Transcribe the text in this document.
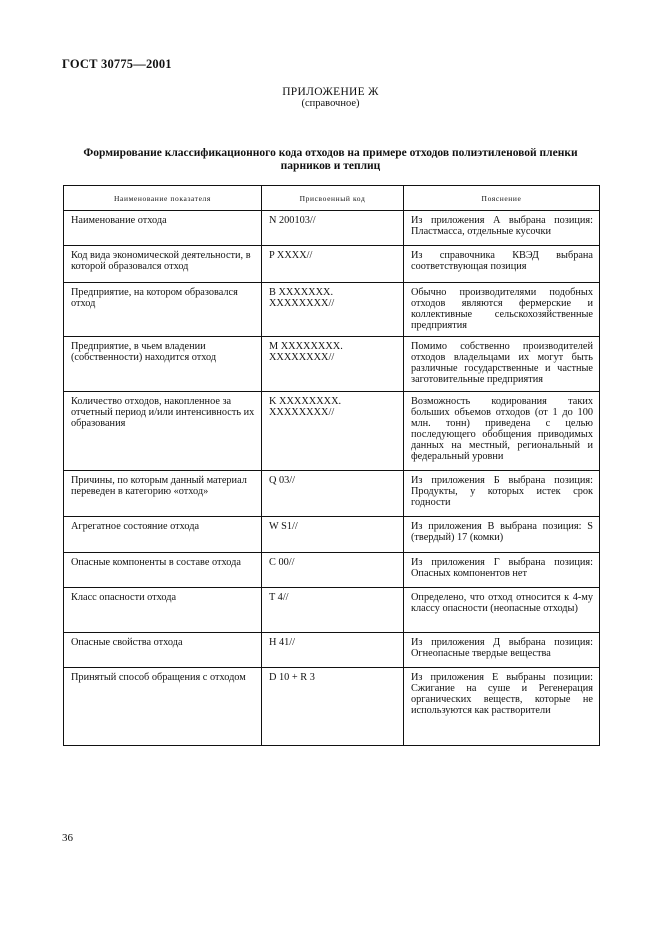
ГОСТ 30775—2001
ПРИЛОЖЕНИЕ Ж
(справочное)
Формирование классификационного кода отходов на примере отходов полиэтиленовой пленки парников и теплиц
Наименование показателя	Присвоенный код	Пояснение
Наименование отхода	N 200103//	Из приложения А выбрана позиция: Пластмасса, отдельные кусочки
Код вида экономической деятельности, в которой образовался отход	P XXXX//	Из справочника КВЭД выбрана соответствующая позиция
Предприятие, на котором образовался отход	B XXXXXXX. XXXXXXXX//	Обычно производителями подобных отходов являются фермерские и коллективные сельскохозяйственные предприятия
Предприятие, в чьем владении (собственности) находится отход	M XXXXXXXX. XXXXXXXX//	Помимо собственно производителей отходов владельцами их могут быть различные государственные и частные заготовительные предприятия
Количество отходов, накопленное за отчетный период и/или интенсивность их образования	K XXXXXXXX. XXXXXXXX//	Возможность кодирования таких больших объемов отходов (от 1 до 100 млн. тонн) приведена с целью последующего обобщения приводимых данных на местный, региональный и федеральный уровни
Причины, по которым данный материал переведен в категорию «отход»	Q 03//	Из приложения Б выбрана позиция: Продукты, у которых истек срок годности
Агрегатное состояние отхода	W S1//	Из приложения В выбрана позиция: S (твердый) 17 (комки)
Опасные компоненты в составе отхода	C 00//	Из приложения Г выбрана позиция: Опасных компонентов нет
Класс опасности отхода	T 4//	Определено, что отход относится к 4-му классу опасности (неопасные отходы)
Опасные свойства отхода	H 41//	Из приложения Д выбрана позиция: Огнеопасные твердые вещества
Принятый способ обращения с отходом	D 10 + R 3	Из приложения Е выбраны позиции: Сжигание на суше и Регенерация органических веществ, которые не используются как растворители
36
